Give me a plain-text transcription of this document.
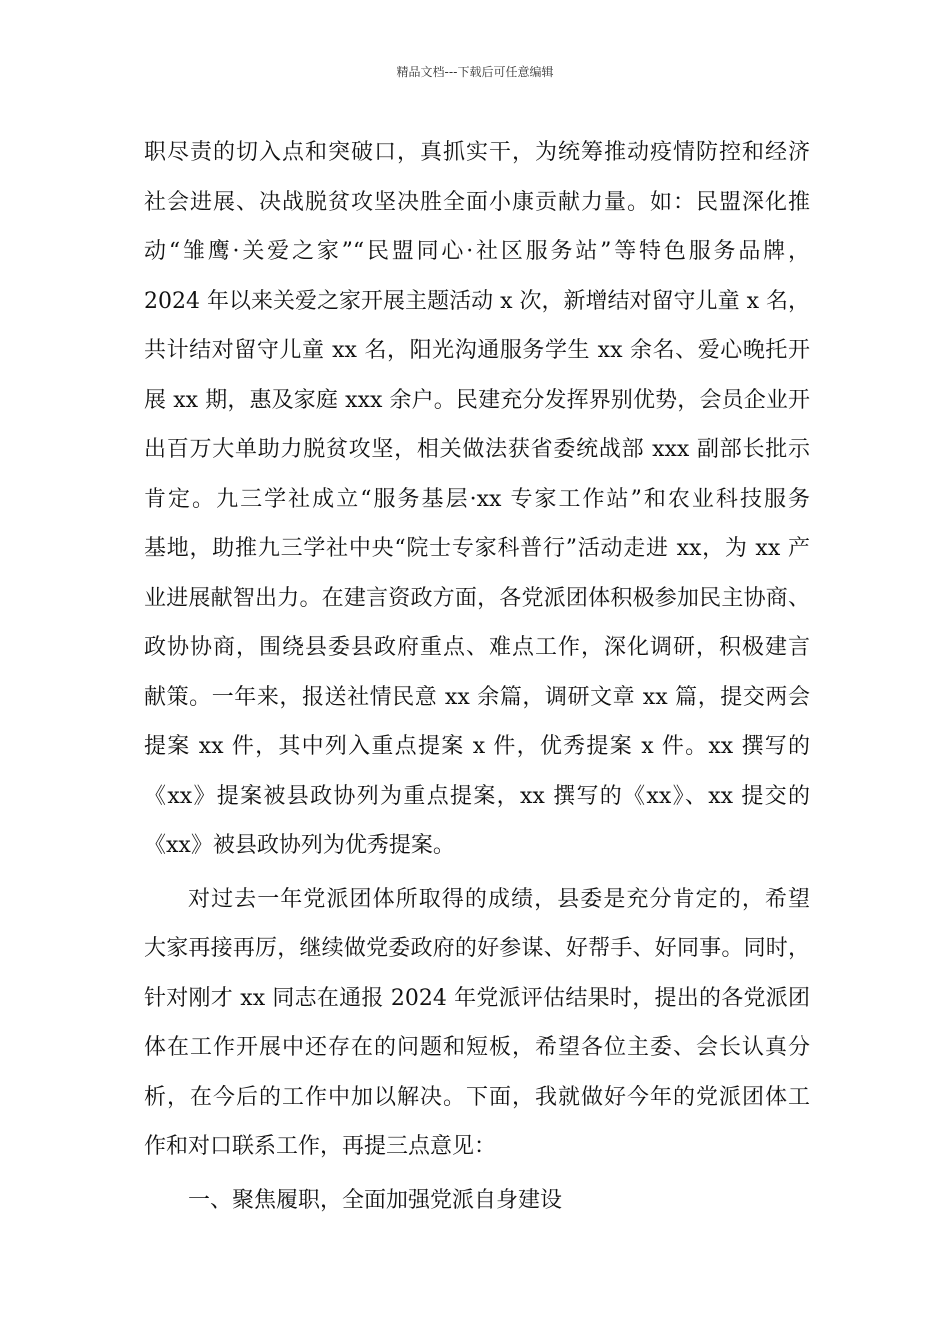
精品文档---下载后可任意编辑
职尽责的切入点和突破口，真抓实干，为统筹推动疫情防控和经济
社会进展、决战脱贫攻坚决胜全面小康贡献力量。如：民盟深化推
动“雏鹰·关爱之家”“民盟同心·社区服务站”等特色服务品牌，
2024 年以来关爱之家开展主题活动 x 次，新增结对留守儿童 x 名，
共计结对留守儿童 xx 名，阳光沟通服务学生 xx 余名、爱心晚托开
展 xx 期，惠及家庭 xxx 余户。民建充分发挥界别优势，会员企业开
出百万大单助力脱贫攻坚，相关做法获省委统战部 xxx 副部长批示
肯定。九三学社成立“服务基层·xx 专家工作站”和农业科技服务
基地，助推九三学社中央“院士专家科普行”活动走进 xx，为 xx 产
业进展献智出力。在建言资政方面，各党派团体积极参加民主协商、
政协协商，围绕县委县政府重点、难点工作，深化调研，积极建言
献策。一年来，报送社情民意 xx 余篇，调研文章 xx 篇，提交两会
提案 xx 件，其中列入重点提案 x 件，优秀提案 x 件。xx 撰写的
《xx》提案被县政协列为重点提案，xx 撰写的《xx》、xx 提交的
《xx》被县政协列为优秀提案。
对过去一年党派团体所取得的成绩，县委是充分肯定的，希望
大家再接再厉，继续做党委政府的好参谋、好帮手、好同事。同时，
针对刚才 xx 同志在通报 2024 年党派评估结果时，提出的各党派团
体在工作开展中还存在的问题和短板，希望各位主委、会长认真分
析，在今后的工作中加以解决。下面，我就做好今年的党派团体工
作和对口联系工作，再提三点意见：
一、聚焦履职，全面加强党派自身建设
